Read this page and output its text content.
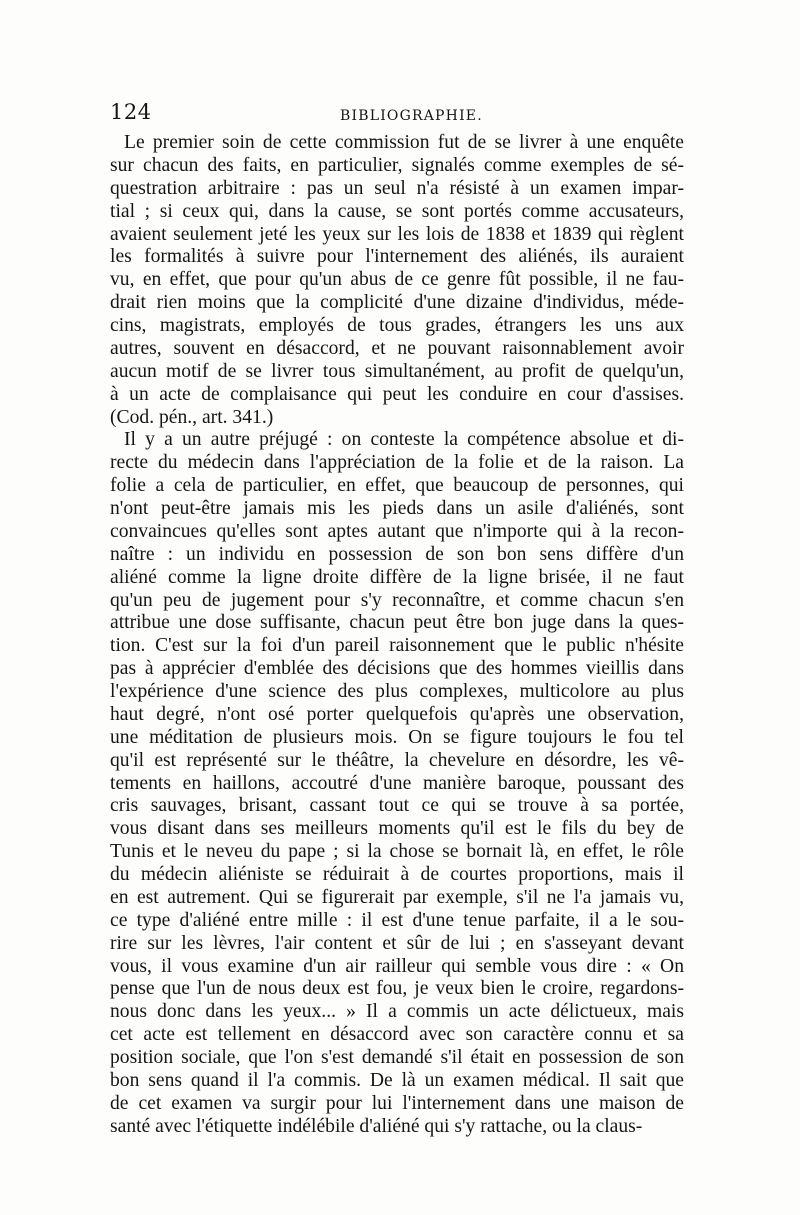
124	BIBLIOGRAPHIE.
Le premier soin de cette commission fut de se livrer à une enquête
sur chacun des faits, en particulier, signalés comme exemples de sé-
questration arbitraire : pas un seul n'a résisté à un examen impar-
tial ; si ceux qui, dans la cause, se sont portés comme accusateurs,
avaient seulement jeté les yeux sur les lois de 1838 et 1839 qui règlent
les formalités à suivre pour l'internement des aliénés, ils auraient
vu, en effet, que pour qu'un abus de ce genre fût possible, il ne fau-
drait rien moins que la complicité d'une dizaine d'individus, méde-
cins, magistrats, employés de tous grades, étrangers les uns aux
autres, souvent en désaccord, et ne pouvant raisonnablement avoir
aucun motif de se livrer tous simultanément, au profit de quelqu'un,
à un acte de complaisance qui peut les conduire en cour d'assises.
(Cod. pén., art. 341.)
Il y a un autre préjugé : on conteste la compétence absolue et di-
recte du médecin dans l'appréciation de la folie et de la raison. La
folie a cela de particulier, en effet, que beaucoup de personnes, qui
n'ont peut-être jamais mis les pieds dans un asile d'aliénés, sont
convaincues qu'elles sont aptes autant que n'importe qui à la recon-
naître : un individu en possession de son bon sens diffère d'un
aliéné comme la ligne droite diffère de la ligne brisée, il ne faut
qu'un peu de jugement pour s'y reconnaître, et comme chacun s'en
attribue une dose suffisante, chacun peut être bon juge dans la ques-
tion. C'est sur la foi d'un pareil raisonnement que le public n'hésite
pas à apprécier d'emblée des décisions que des hommes vieillis dans
l'expérience d'une science des plus complexes, multicolore au plus
haut degré, n'ont osé porter quelquefois qu'après une observation,
une méditation de plusieurs mois. On se figure toujours le fou tel
qu'il est représenté sur le théâtre, la chevelure en désordre, les vê-
tements en haillons, accoutré d'une manière baroque, poussant des
cris sauvages, brisant, cassant tout ce qui se trouve à sa portée,
vous disant dans ses meilleurs moments qu'il est le fils du bey de
Tunis et le neveu du pape ; si la chose se bornait là, en effet, le rôle
du médecin aliéniste se réduirait à de courtes proportions, mais il
en est autrement. Qui se figurerait par exemple, s'il ne l'a jamais vu,
ce type d'aliéné entre mille : il est d'une tenue parfaite, il a le sou-
rire sur les lèvres, l'air content et sûr de lui ; en s'asseyant devant
vous, il vous examine d'un air railleur qui semble vous dire : « On
pense que l'un de nous deux est fou, je veux bien le croire, regardons-
nous donc dans les yeux... » Il a commis un acte délictueux, mais
cet acte est tellement en désaccord avec son caractère connu et sa
position sociale, que l'on s'est demandé s'il était en possession de son
bon sens quand il l'a commis. De là un examen médical. Il sait que
de cet examen va surgir pour lui l'internement dans une maison de
santé avec l'étiquette indélébile d'aliéné qui s'y rattache, ou la claus-
